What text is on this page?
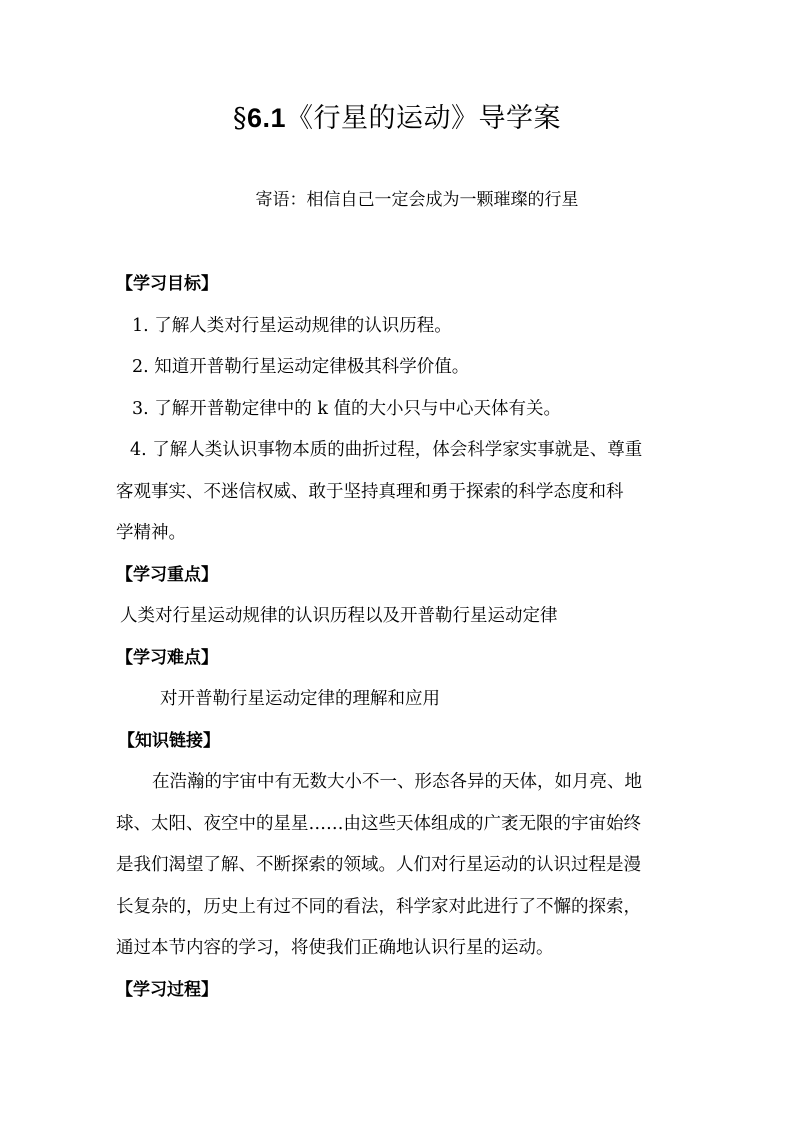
§6.1《行星的运动》导学案
寄语：相信自己一定会成为一颗璀璨的行星
【学习目标】
1. 了解人类对行星运动规律的认识历程。
2. 知道开普勒行星运动定律极其科学价值。
3. 了解开普勒定律中的 k 值的大小只与中心天体有关。
4. 了解人类认识事物本质的曲折过程，体会科学家实事就是、尊重
客观事实、不迷信权威、敢于坚持真理和勇于探索的科学态度和科
学精神。
【学习重点】
人类对行星运动规律的认识历程以及开普勒行星运动定律
【学习难点】
对开普勒行星运动定律的理解和应用
【知识链接】
在浩瀚的宇宙中有无数大小不一、形态各异的天体，如月亮、地
球、太阳、夜空中的星星……由这些天体组成的广袤无限的宇宙始终
是我们渴望了解、不断探索的领域。人们对行星运动的认识过程是漫
长复杂的，历史上有过不同的看法，科学家对此进行了不懈的探索，
通过本节内容的学习，将使我们正确地认识行星的运动。
【学习过程】
